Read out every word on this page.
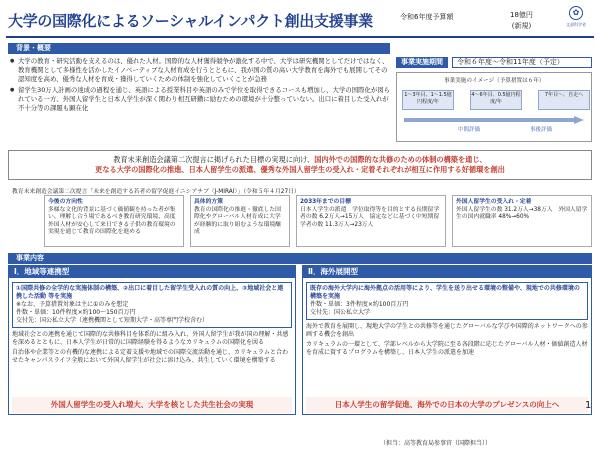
大学の国際化によるソーシャルインパクト創出支援事業	令和6年度予算額	18億円
(新規)
✿
文部科学省
背景・概要
事業実施期間	令和６年度～令和11年度（予定）
● 大学の教育・研究活動を支えるのは、優れた人材。国際的な人材獲得競争が激化する中で、大学は研究機関としてだけではなく、教育機関として多様性を活かしたイノベーティブな人材育成を行うとともに、我が国の質の高い大学教育を海外でも展開してその認知度を高め、優秀な人材を育成・獲得していくための体制を強化していくことが急務
● 留学生30万人計画の達成の過程を通じ、英語による授業科目や英語のみで学位を取得できるコースも増加し、大学の国際化が図られている一方、外国人留学生と日本人学生が深く関わり相互研鑽に励むための環境が十分整っていない。出口に着目した受入れが不十分等の課題も顕在化
事業実施のイメージ（予算措置は６年）
1～3年目、1～1.5億円程度/年
4～6年目、0.5億円程度/年
7年目～、自走へ
中間評価	事後評価
教育未来創造会議第二次提言に掲げられた目標の実現に向け、国内外での国際的な共修のための体制の構築を通じ、
更なる大学の国際化の推進、日本人留学生の派遣、優秀な外国人留学生の受入れ・定着それぞれが相互に作用する好循環を創出
教育未来創造会議第二次提言「未来を創造する若者の留学促進イニシアチブ〈J-MIRAI〉」（令和５年４月27日）
今後の方向性
多様な文化的背景に基づく価値観を持った者が集い、理解し合う場であるべき教育研究環境、高度外国人材が安心して来日できる子供の教育環境の実現を通じて教育の国際化を進める
具体的方策
教育の国際化の推進・徹底した国際化やグローバル人材育成に大学が経験的に取り組むような環境醸成
2033年までの目標
日本人学生の派遣　学位取得等を目的とする長期留学者の数 6.2万人→15万人　協定などに基づく中短期留学者の数 11.3万人→23万人
外国人留学生の受入れ・定着
外国人留学生の数 31.2万人→38万人　外国人留学生の国内就職率 48%→60%
事業内容
Ⅰ．地域等連携型
①国際共修の全学的な実施体制の構築、②出口に着目した留学生受入れの質の向上、③地域社会と連携した活動 等を実施
※なお、予算措置対象は主に①のみを想定
件数・単価：10件程度×約100～150百万円
交付先：国公私立大学（連携機関として短期大学・高等専門学校含む）
地域社会との連携を通じて国際的な共修科目を体系的に組み入れ、外国人留学生が我が国の理解・共感を深めるとともに、日本人学生が日常的に国際経験を得るようなカリキュラムの国際化を図る
自治体や企業等との有機的な連携による定着支援や地域での国際交流活動を通じ、カリキュラムと合わせたキャンパスライフ全般において外国人留学生が社会に溶け込み、共生していく環境を構築する
外国人留学生の受入れ増大、大学を核とした共生社会の実現
Ⅱ．海外展開型
既存の海外大学内に海外拠点の活用等により、学生を送り出せる環境の整備や、現地での共修環境の構築を実施
件数・単価：3件程度×約100百万円
交付先：国公私立大学
海外で教育を展開し、現地大学の学生との共修等を通じたグローバルな学びや国際的ネットワークへの参画する機会を創出
カリキュラムの一環として、学部レベルから大学院に至る各段階に応じたグローバル人材・価値創造人材を育成に資するプログラムを構築し、日本人学生の派遣を加速
日本人学生の留学促進、海外での日本の大学のプレゼンスの向上へ	1
（担当：高等教育局参事官（国際担当））
